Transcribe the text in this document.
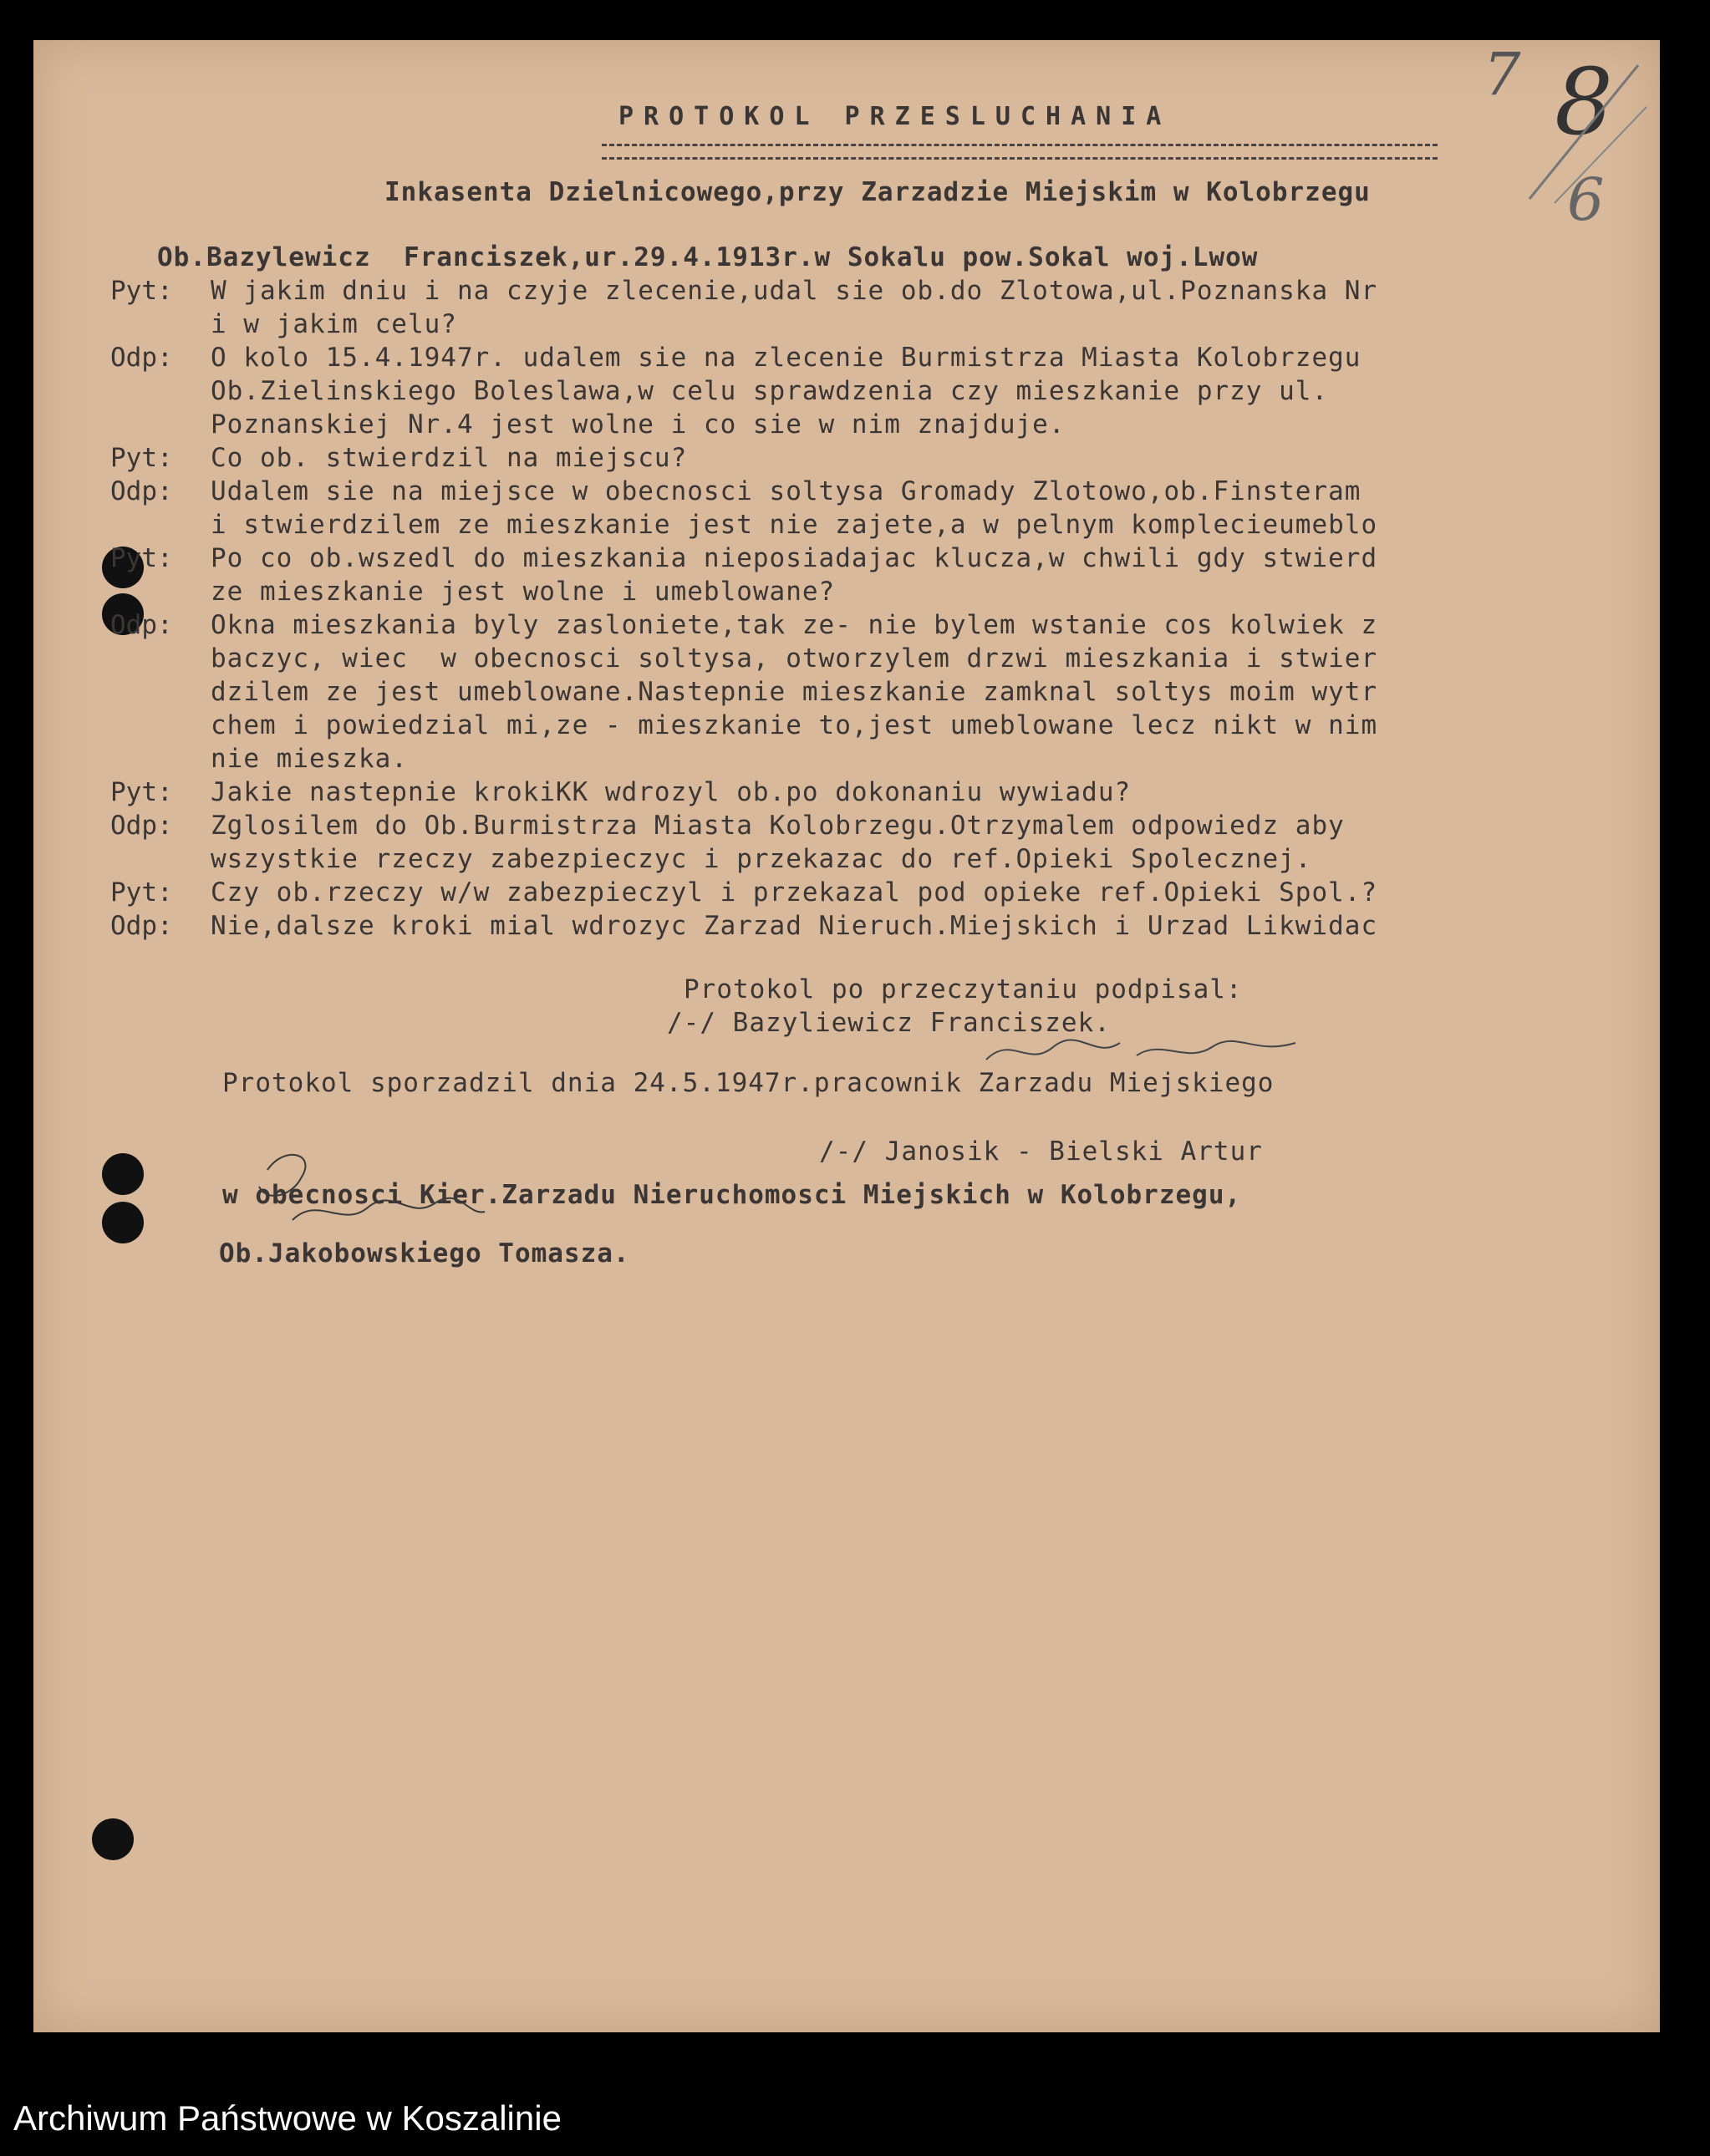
7 8
6
PROTOKOL PRZESLUCHANIA
Inkasenta Dzielnicowego,przy Zarzadzie Miejskim w Kolobrzegu
Ob.Bazylewicz  Franciszek,ur.29.4.1913r.w Sokalu pow.Sokal woj.Lwow
Pyt: W jakim dniu i na czyje zlecenie,udal sie ob.do Zlotowa,ul.Poznanska Nr
i w jakim celu?
Odp: O kolo 15.4.1947r. udalem sie na zlecenie Burmistrza Miasta Kolobrzegu
Ob.Zielinskiego Boleslawa,w celu sprawdzenia czy mieszkanie przy ul.
Poznanskiej Nr.4 jest wolne i co sie w nim znajduje.
Pyt: Co ob. stwierdzil na miejscu?
Odp: Udalem sie na miejsce w obecnosci soltysa Gromady Zlotowo,ob.Finsteram
i stwierdzilem ze mieszkanie jest nie zajete,a w pelnym komplecieumeblo
Pyt: Po co ob.wszedl do mieszkania nieposiadajac klucza,w chwili gdy stwierd
ze mieszkanie jest wolne i umeblowane?
Odp: Okna mieszkania byly zasloniete,tak ze- nie bylem wstanie cos kolwiek z
baczyc, wiec  w obecnosci soltysa, otworzylem drzwi mieszkania i stwier
dzilem ze jest umeblowane.Nastepnie mieszkanie zamknal soltys moim wytr
chem i powiedzial mi,ze - mieszkanie to,jest umeblowane lecz nikt w nim
nie mieszka.
Pyt: Jakie nastepnie krokiKK wdrozyl ob.po dokonaniu wywiadu?
Odp: Zglosilem do Ob.Burmistrza Miasta Kolobrzegu.Otrzymalem odpowiedz aby
wszystkie rzeczy zabezpieczyc i przekazac do ref.Opieki Spolecznej.
Pyt: Czy ob.rzeczy w/w zabezpieczyl i przekazal pod opieke ref.Opieki Spol.?
Odp: Nie,dalsze kroki mial wdrozyc Zarzad Nieruch.Miejskich i Urzad Likwidac
Protokol po przeczytaniu podpisal:
/-/ Bazyliewicz Franciszek.
Protokol sporzadzil dnia 24.5.1947r.pracownik Zarzadu Miejskiego
/-/ Janosik - Bielski Artur
w obecnosci Kier.Zarzadu Nieruchomosci Miejskich w Kolobrzegu,
Ob.Jakobowskiego Tomasza.
Archiwum Państwowe w Koszalinie
